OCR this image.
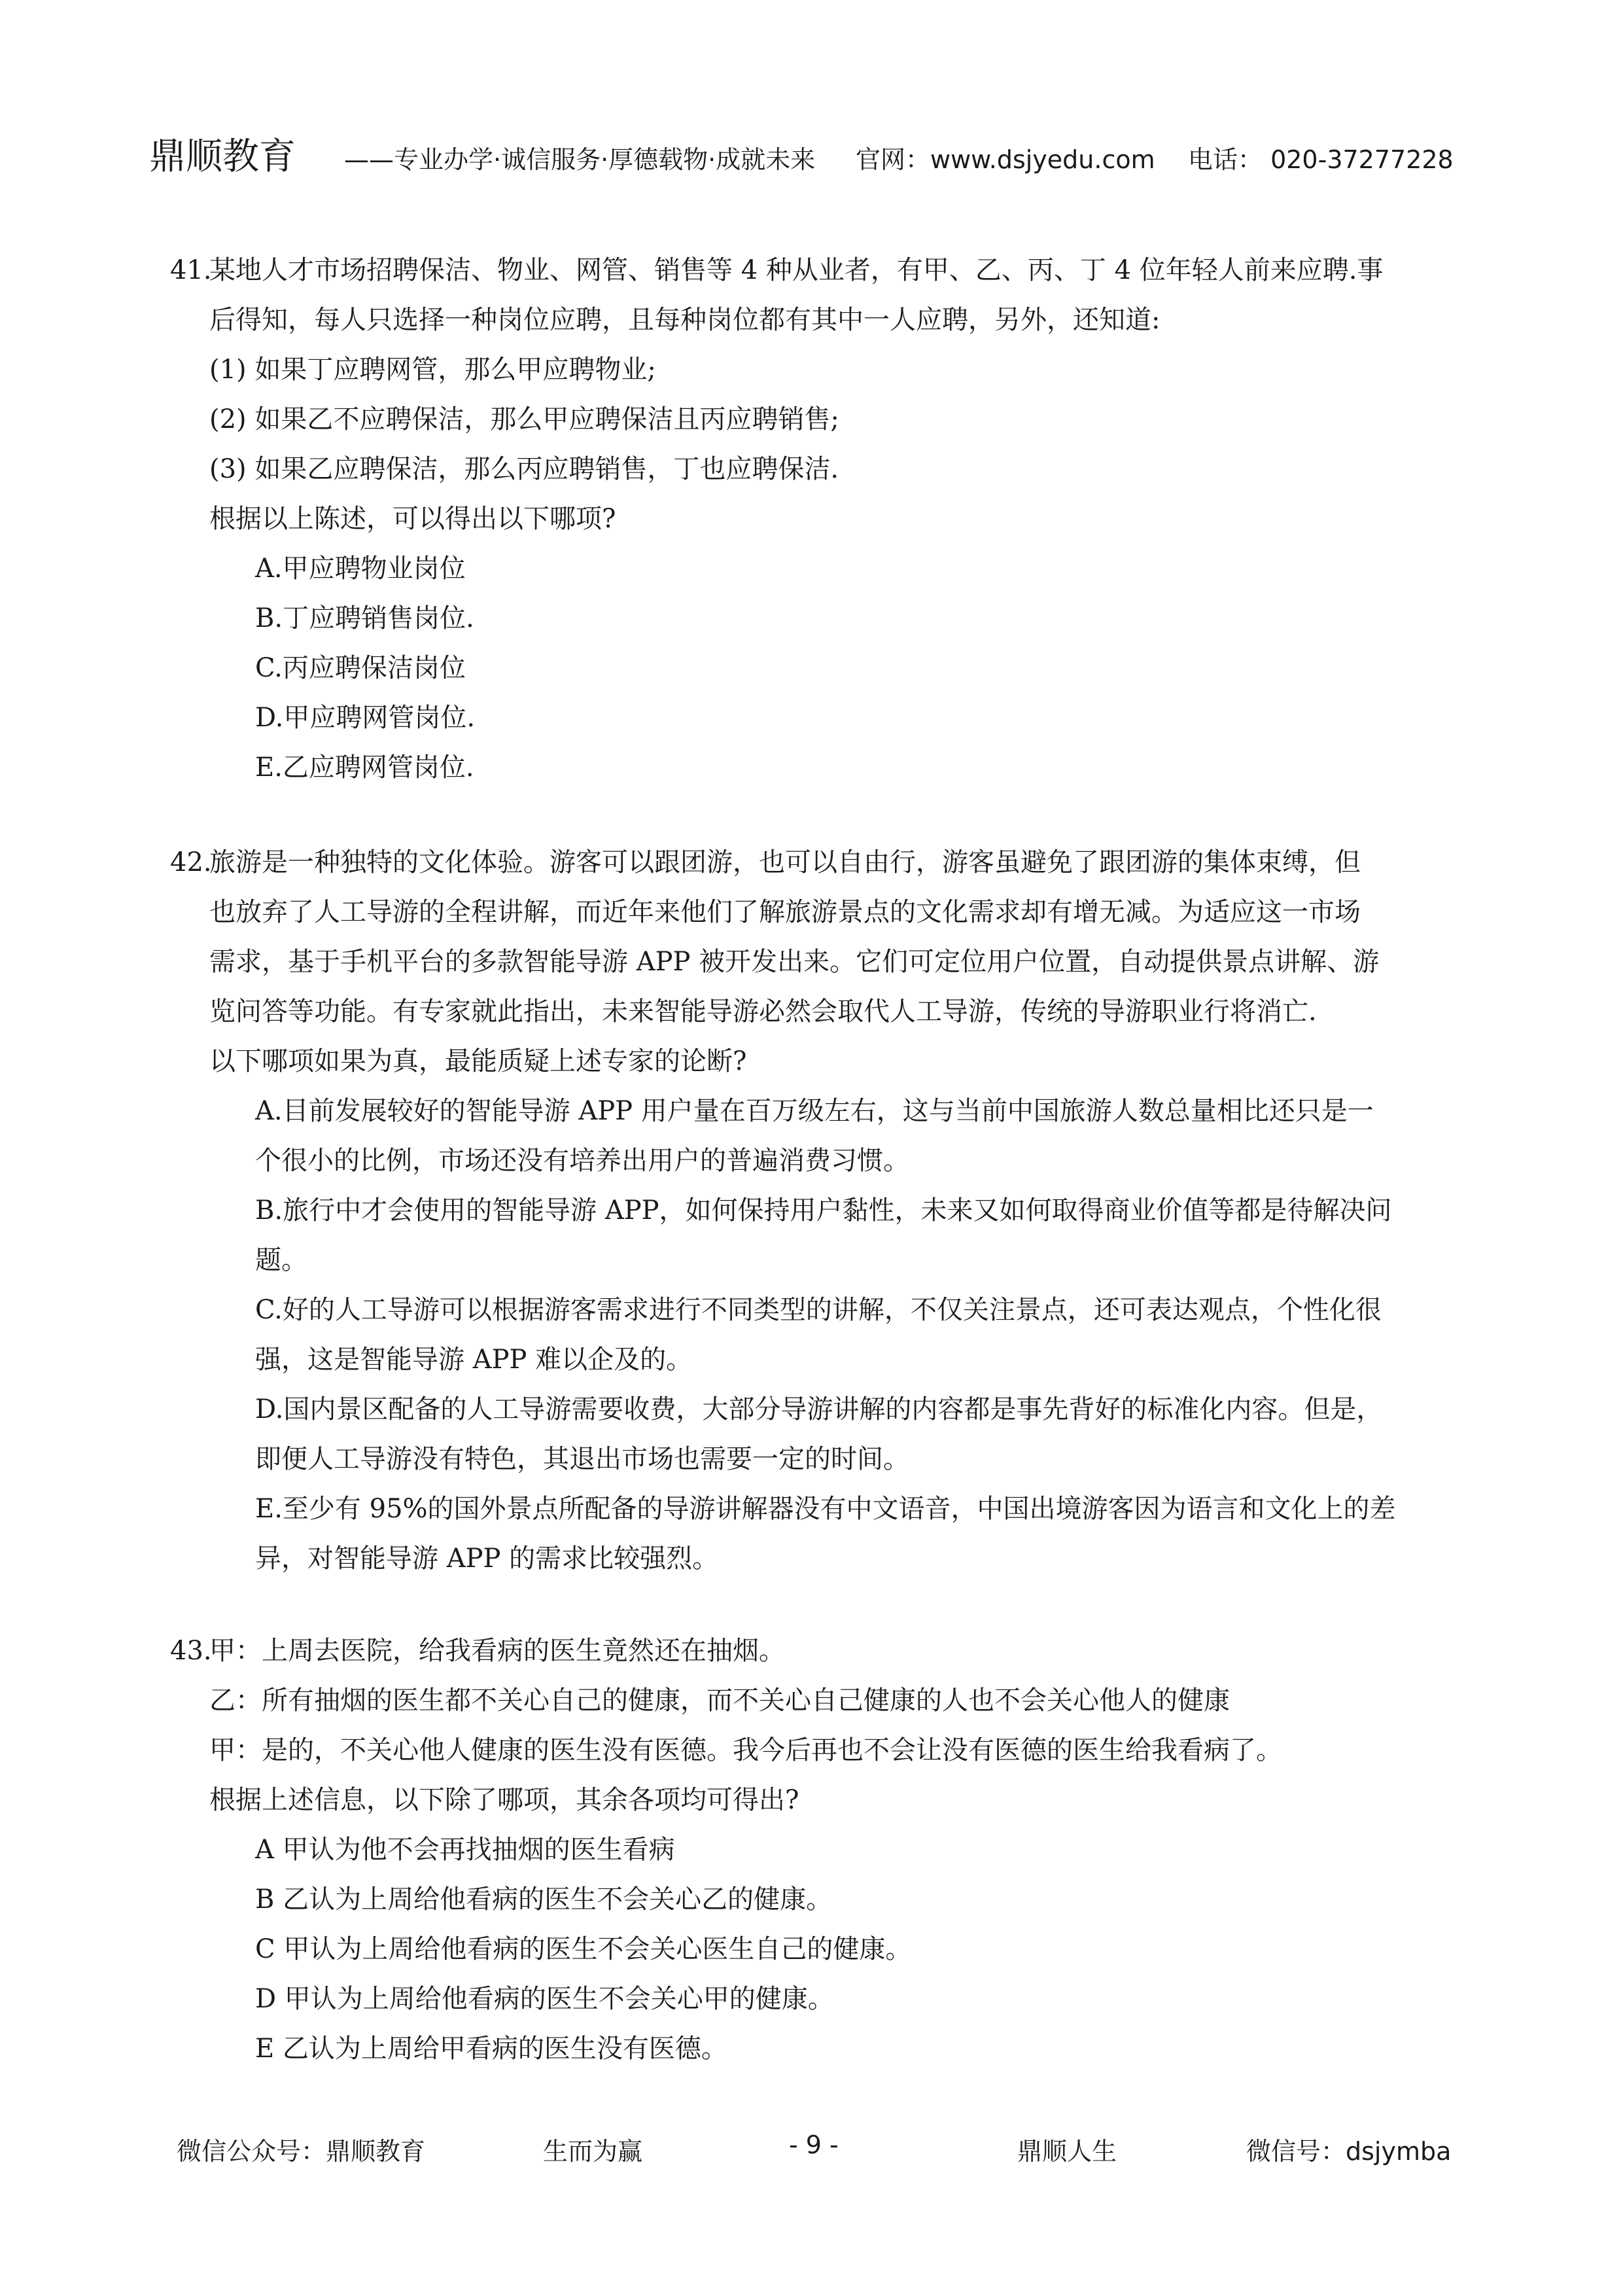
鼎顺教育 ——专业办学·诚信服务·厚德载物·成就未来 官网：www.dsjyedu.com 电话： 020-37277228
41.
某地人才市场招聘保洁、物业、网管、销售等 4 种从业者，有甲、乙、丙、丁 4 位年轻人前来应聘.事
后得知，每人只选择一种岗位应聘，且每种岗位都有其中一人应聘，另外，还知道:
(1) 如果丁应聘网管，那么甲应聘物业;
(2) 如果乙不应聘保洁，那么甲应聘保洁且丙应聘销售;
(3) 如果乙应聘保洁，那么丙应聘销售，丁也应聘保洁.
根据以上陈述，可以得出以下哪项?
A.甲应聘物业岗位
B.丁应聘销售岗位.
C.丙应聘保洁岗位
D.甲应聘网管岗位.
E.乙应聘网管岗位.
42.
旅游是一种独特的文化体验。游客可以跟团游，也可以自由行，游客虽避免了跟团游的集体束缚，但
也放弃了人工导游的全程讲解，而近年来他们了解旅游景点的文化需求却有增无减。为适应这一市场
需求，基于手机平台的多款智能导游 APP 被开发出来。它们可定位用户位置，自动提供景点讲解、游
览问答等功能。有专家就此指出，未来智能导游必然会取代人工导游，传统的导游职业行将消亡.
以下哪项如果为真，最能质疑上述专家的论断?
A.目前发展较好的智能导游 APP 用户量在百万级左右，这与当前中国旅游人数总量相比还只是一
个很小的比例，市场还没有培养出用户的普遍消费习惯。
B.旅行中才会使用的智能导游 APP，如何保持用户黏性，未来又如何取得商业价值等都是待解决问
题。
C.好的人工导游可以根据游客需求进行不同类型的讲解，不仅关注景点，还可表达观点，个性化很
强，这是智能导游 APP 难以企及的。
D.国内景区配备的人工导游需要收费，大部分导游讲解的内容都是事先背好的标准化内容。但是，
即便人工导游没有特色，其退出市场也需要一定的时间。
E.至少有 95%的国外景点所配备的导游讲解器没有中文语音，中国出境游客因为语言和文化上的差
异，对智能导游 APP 的需求比较强烈。
43.
甲：上周去医院，给我看病的医生竟然还在抽烟。
乙：所有抽烟的医生都不关心自己的健康，而不关心自己健康的人也不会关心他人的健康
甲：是的，不关心他人健康的医生没有医德。我今后再也不会让没有医德的医生给我看病了。
根据上述信息，以下除了哪项，其余各项均可得出?
A 甲认为他不会再找抽烟的医生看病
B 乙认为上周给他看病的医生不会关心乙的健康。
C 甲认为上周给他看病的医生不会关心医生自己的健康。
D 甲认为上周给他看病的医生不会关心甲的健康。
E 乙认为上周给甲看病的医生没有医德。
微信公众号：鼎顺教育	生而为赢	- 9 -	鼎顺人生	微信号：dsjymba
